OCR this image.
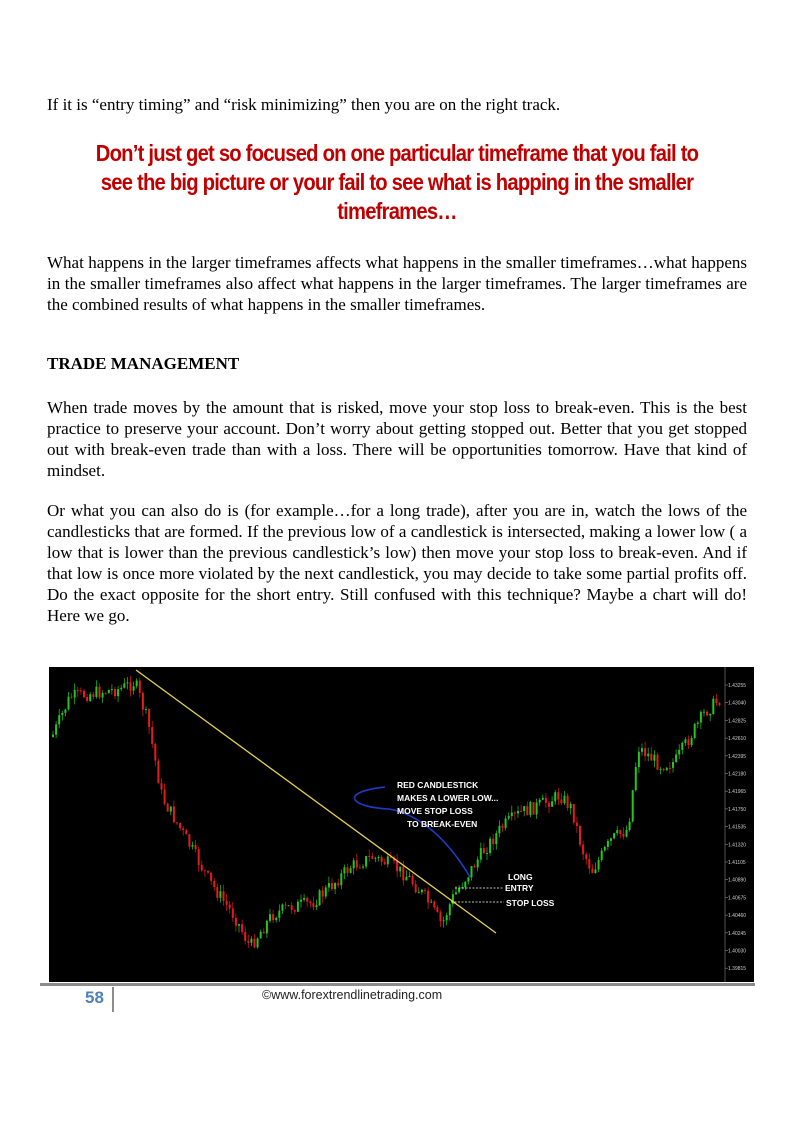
If it is “entry timing” and “risk minimizing” then you are on the right track.

Don’t just get so focused on one particular timeframe that you fail to see the big picture or your fail to see what is happing in the smaller timeframes…

What happens in the larger timeframes affects what happens in the smaller timeframes…what happens in the smaller timeframes also affect what happens in the larger timeframes. The larger timeframes are the combined results of what happens in the smaller timeframes.

TRADE MANAGEMENT

When trade moves by the amount that is risked, move your stop loss to break-even. This is the best practice to preserve your account. Don’t worry about getting stopped out. Better that you get stopped out with break-even trade than with a loss. There will be opportunities tomorrow. Have that kind of mindset.

Or what you can also do is (for example…for a long trade), after you are in, watch the lows of the candlesticks that are formed. If the previous low of a candlestick is intersected, making a lower low ( a low that is lower than the previous candlestick’s low) then move your stop loss to break-even. And if that low is once more violated by the next candlestick, you may decide to take some partial profits off. Do the exact opposite for the short entry. Still confused with this technique? Maybe a chart will do! Here we go.

RED CANDLESTICK
MAKES A LOWER LOW...
MOVE STOP LOSS
TO BREAK-EVEN
LONG
ENTRY
STOP LOSS
1.43255
1.43040
1.42825
1.42610
1.42395
1.42180
1.41965
1.41750
1.41535
1.41320
1.41105
1.40890
1.40675
1.40460
1.40245
1.40030
1.39815
58	©www.forextrendlinetrading.com
